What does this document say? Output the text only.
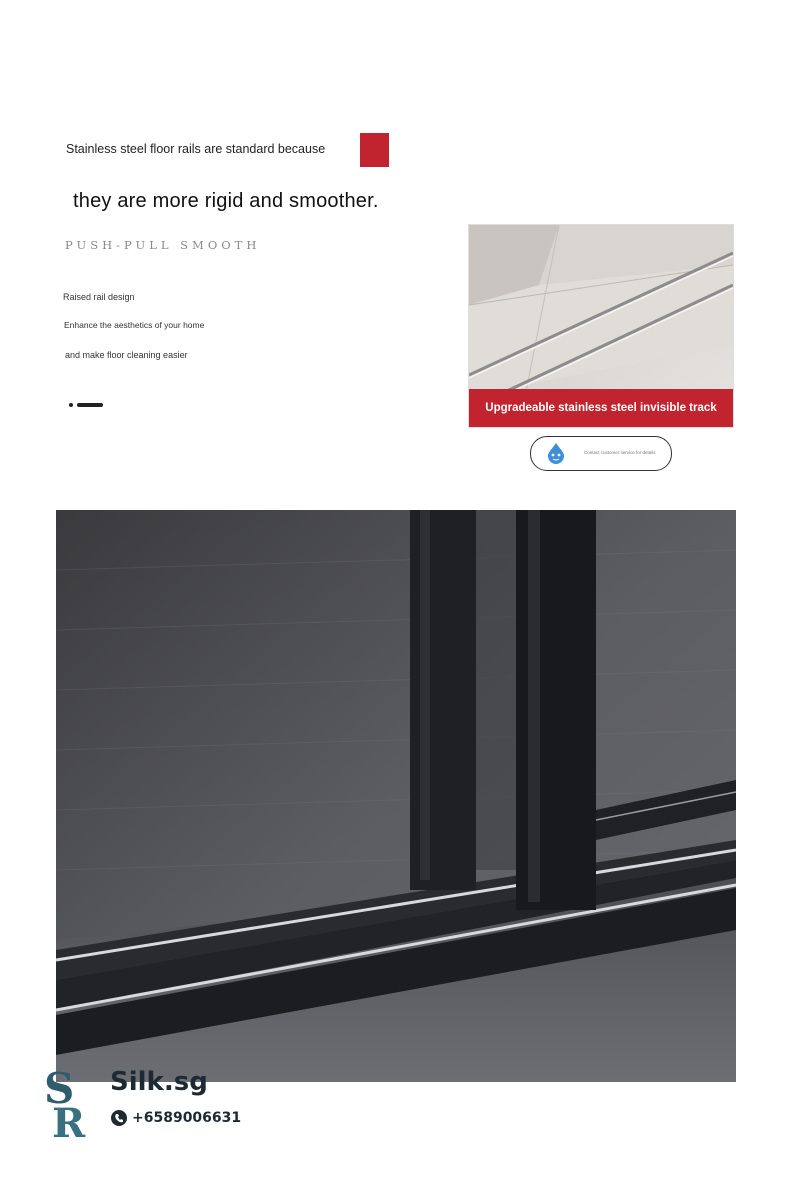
Stainless steel floor rails are standard because
they are more rigid and smoother.
PUSH-PULL SMOOTH
Raised rail design
Enhance the aesthetics of your home
and make floor cleaning easier
Upgradeable stainless steel invisible track
Contact customer service for details
S
R
Silk.sg
+6589006631
